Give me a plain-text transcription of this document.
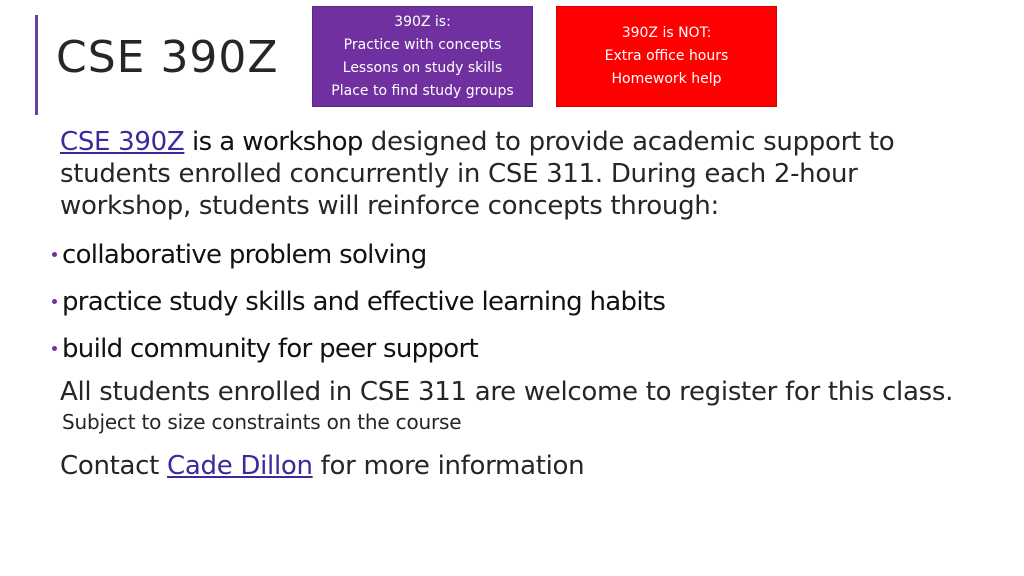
CSE 390Z
390Z is:
Practice with concepts
Lessons on study skills
Place to find study groups
390Z is NOT:
Extra office hours
Homework help

CSE 390Z is a workshop designed to provide academic support to students enrolled concurrently in CSE 311. During each 2-hour workshop, students will reinforce concepts through:

collaborative problem solving
practice study skills and effective learning habits
build community for peer support

All students enrolled in CSE 311 are welcome to register for this class.

Subject to size constraints on the course

Contact Cade Dillon for more information
